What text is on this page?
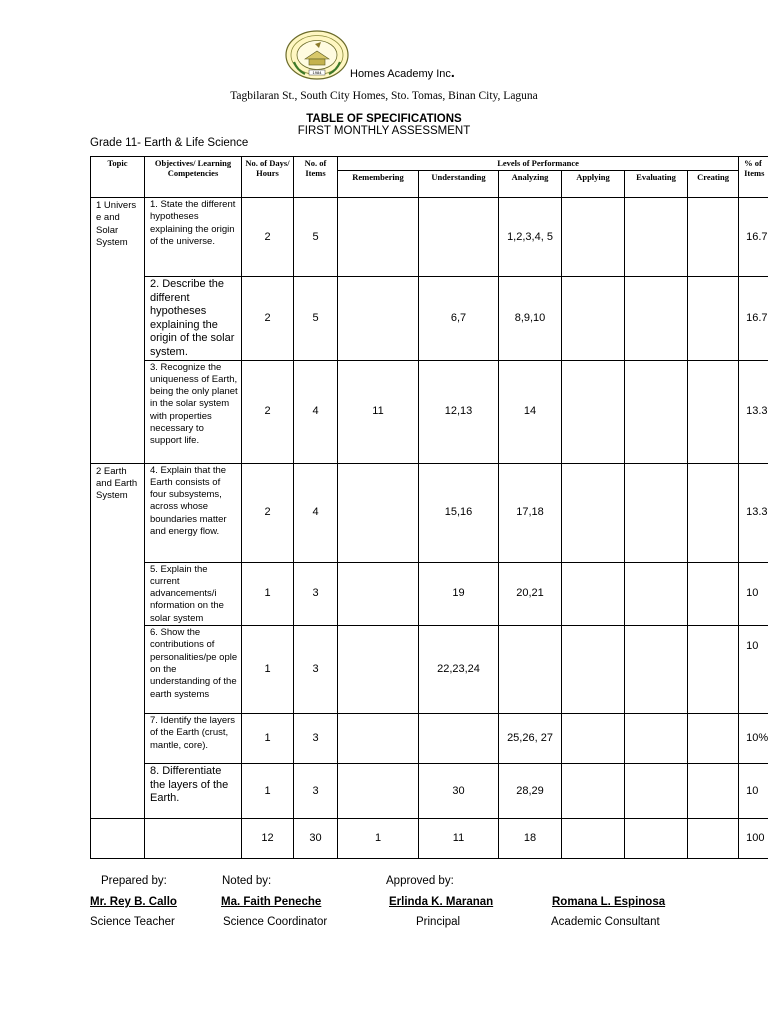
1984	Homes Academy Inc.
Tagbilaran St., South City Homes, Sto. Tomas, Binan City, Laguna
TABLE OF SPECIFICATIONS
FIRST MONTHLY ASSESSMENT
Grade 11- Earth & Life Science
Topic	Objectives/ Learning Competencies	No. of Days/ Hours	No. of Items	Levels of Performance						% of Items
				Remembering	Understanding	Analyzing	Applying	Evaluating	Creating	
1 Univers e and Solar System	1. State the different hypotheses explaining the origin of the universe.	2	5			1,2,3,4, 5				16.7
	2. Describe the different hypotheses explaining the origin of the solar system.	2	5		6,7	8,9,10				16.7
	3. Recognize the uniqueness of Earth, being the only planet in the solar system with properties necessary to support life.	2	4	11	12,13	14				13.3
2 Earth and Earth System	4. Explain that the Earth consists of four subsystems, across whose boundaries matter and energy flow.	2	4		15,16	17,18				13.3
	5. Explain the current advancements/i nformation on the solar system	1	3		19	20,21				10
	6. Show the contributions of personalities/pe ople on the understanding of the earth systems	1	3		22,23,24					10
	7. Identify the layers of the Earth (crust, mantle, core).	1	3			25,26, 27				10%
	8. Differentiate the layers of the Earth.	1	3		30	28,29				10
		12	30	1	11	18				100
Prepared by:	Noted by:	Approved by:
Mr. Rey B. Callo	Ma. Faith Peneche	Erlinda K. Maranan	Romana L. Espinosa
Science Teacher	Science Coordinator	Principal	Academic Consultant
